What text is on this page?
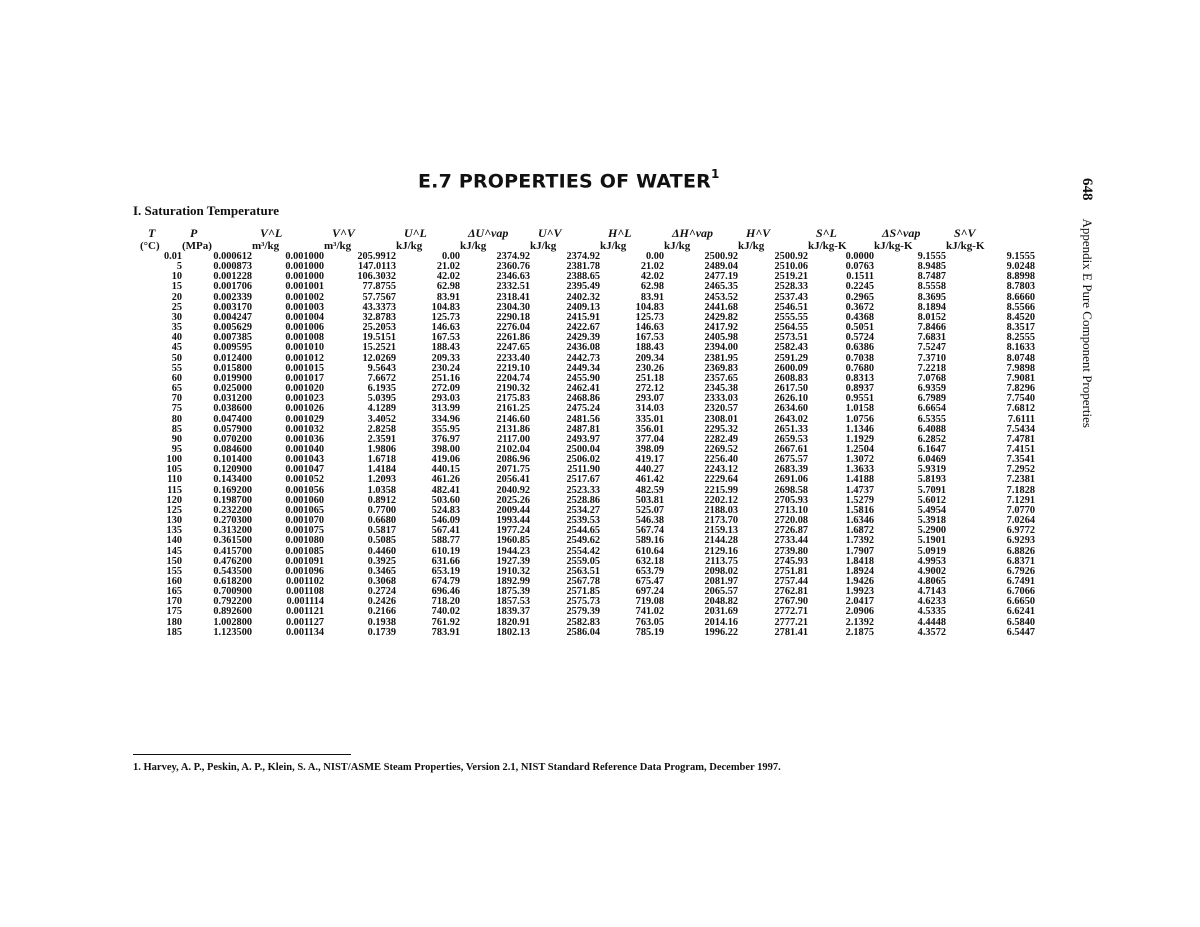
E.7 PROPERTIES OF WATER$^1$
648Appendix E Pure Component Properties
I. Saturation Temperature
T	P	V^L	V^V	U^L	ΔU^vap	U^V	H^L	ΔH^vap	H^V	S^L	ΔS^vap	S^V
(°C)	(MPa)	m³/kg	m³/kg	kJ/kg	kJ/kg	kJ/kg	kJ/kg	kJ/kg	kJ/kg	kJ/kg-K	kJ/kg-K	kJ/kg-K
0.01	0.000612	0.001000	205.9912	0.00	2374.92	2374.92	0.00	2500.92	2500.92	0.0000	9.1555	9.1555
5	0.000873	0.001000	147.0113	21.02	2360.76	2381.78	21.02	2489.04	2510.06	0.0763	8.9485	9.0248
10	0.001228	0.001000	106.3032	42.02	2346.63	2388.65	42.02	2477.19	2519.21	0.1511	8.7487	8.8998
15	0.001706	0.001001	77.8755	62.98	2332.51	2395.49	62.98	2465.35	2528.33	0.2245	8.5558	8.7803
20	0.002339	0.001002	57.7567	83.91	2318.41	2402.32	83.91	2453.52	2537.43	0.2965	8.3695	8.6660
25	0.003170	0.001003	43.3373	104.83	2304.30	2409.13	104.83	2441.68	2546.51	0.3672	8.1894	8.5566
30	0.004247	0.001004	32.8783	125.73	2290.18	2415.91	125.73	2429.82	2555.55	0.4368	8.0152	8.4520
35	0.005629	0.001006	25.2053	146.63	2276.04	2422.67	146.63	2417.92	2564.55	0.5051	7.8466	8.3517
40	0.007385	0.001008	19.5151	167.53	2261.86	2429.39	167.53	2405.98	2573.51	0.5724	7.6831	8.2555
45	0.009595	0.001010	15.2521	188.43	2247.65	2436.08	188.43	2394.00	2582.43	0.6386	7.5247	8.1633
50	0.012400	0.001012	12.0269	209.33	2233.40	2442.73	209.34	2381.95	2591.29	0.7038	7.3710	8.0748
55	0.015800	0.001015	9.5643	230.24	2219.10	2449.34	230.26	2369.83	2600.09	0.7680	7.2218	7.9898
60	0.019900	0.001017	7.6672	251.16	2204.74	2455.90	251.18	2357.65	2608.83	0.8313	7.0768	7.9081
65	0.025000	0.001020	6.1935	272.09	2190.32	2462.41	272.12	2345.38	2617.50	0.8937	6.9359	7.8296
70	0.031200	0.001023	5.0395	293.03	2175.83	2468.86	293.07	2333.03	2626.10	0.9551	6.7989	7.7540
75	0.038600	0.001026	4.1289	313.99	2161.25	2475.24	314.03	2320.57	2634.60	1.0158	6.6654	7.6812
80	0.047400	0.001029	3.4052	334.96	2146.60	2481.56	335.01	2308.01	2643.02	1.0756	6.5355	7.6111
85	0.057900	0.001032	2.8258	355.95	2131.86	2487.81	356.01	2295.32	2651.33	1.1346	6.4088	7.5434
90	0.070200	0.001036	2.3591	376.97	2117.00	2493.97	377.04	2282.49	2659.53	1.1929	6.2852	7.4781
95	0.084600	0.001040	1.9806	398.00	2102.04	2500.04	398.09	2269.52	2667.61	1.2504	6.1647	7.4151
100	0.101400	0.001043	1.6718	419.06	2086.96	2506.02	419.17	2256.40	2675.57	1.3072	6.0469	7.3541
105	0.120900	0.001047	1.4184	440.15	2071.75	2511.90	440.27	2243.12	2683.39	1.3633	5.9319	7.2952
110	0.143400	0.001052	1.2093	461.26	2056.41	2517.67	461.42	2229.64	2691.06	1.4188	5.8193	7.2381
115	0.169200	0.001056	1.0358	482.41	2040.92	2523.33	482.59	2215.99	2698.58	1.4737	5.7091	7.1828
120	0.198700	0.001060	0.8912	503.60	2025.26	2528.86	503.81	2202.12	2705.93	1.5279	5.6012	7.1291
125	0.232200	0.001065	0.7700	524.83	2009.44	2534.27	525.07	2188.03	2713.10	1.5816	5.4954	7.0770
130	0.270300	0.001070	0.6680	546.09	1993.44	2539.53	546.38	2173.70	2720.08	1.6346	5.3918	7.0264
135	0.313200	0.001075	0.5817	567.41	1977.24	2544.65	567.74	2159.13	2726.87	1.6872	5.2900	6.9772
140	0.361500	0.001080	0.5085	588.77	1960.85	2549.62	589.16	2144.28	2733.44	1.7392	5.1901	6.9293
145	0.415700	0.001085	0.4460	610.19	1944.23	2554.42	610.64	2129.16	2739.80	1.7907	5.0919	6.8826
150	0.476200	0.001091	0.3925	631.66	1927.39	2559.05	632.18	2113.75	2745.93	1.8418	4.9953	6.8371
155	0.543500	0.001096	0.3465	653.19	1910.32	2563.51	653.79	2098.02	2751.81	1.8924	4.9002	6.7926
160	0.618200	0.001102	0.3068	674.79	1892.99	2567.78	675.47	2081.97	2757.44	1.9426	4.8065	6.7491
165	0.700900	0.001108	0.2724	696.46	1875.39	2571.85	697.24	2065.57	2762.81	1.9923	4.7143	6.7066
170	0.792200	0.001114	0.2426	718.20	1857.53	2575.73	719.08	2048.82	2767.90	2.0417	4.6233	6.6650
175	0.892600	0.001121	0.2166	740.02	1839.37	2579.39	741.02	2031.69	2772.71	2.0906	4.5335	6.6241
180	1.002800	0.001127	0.1938	761.92	1820.91	2582.83	763.05	2014.16	2777.21	2.1392	4.4448	6.5840
185	1.123500	0.001134	0.1739	783.91	1802.13	2586.04	785.19	1996.22	2781.41	2.1875	4.3572	6.5447
1. Harvey, A. P., Peskin, A. P., Klein, S. A., NIST/ASME Steam Properties, Version 2.1, NIST Standard Reference Data Program, December 1997.
